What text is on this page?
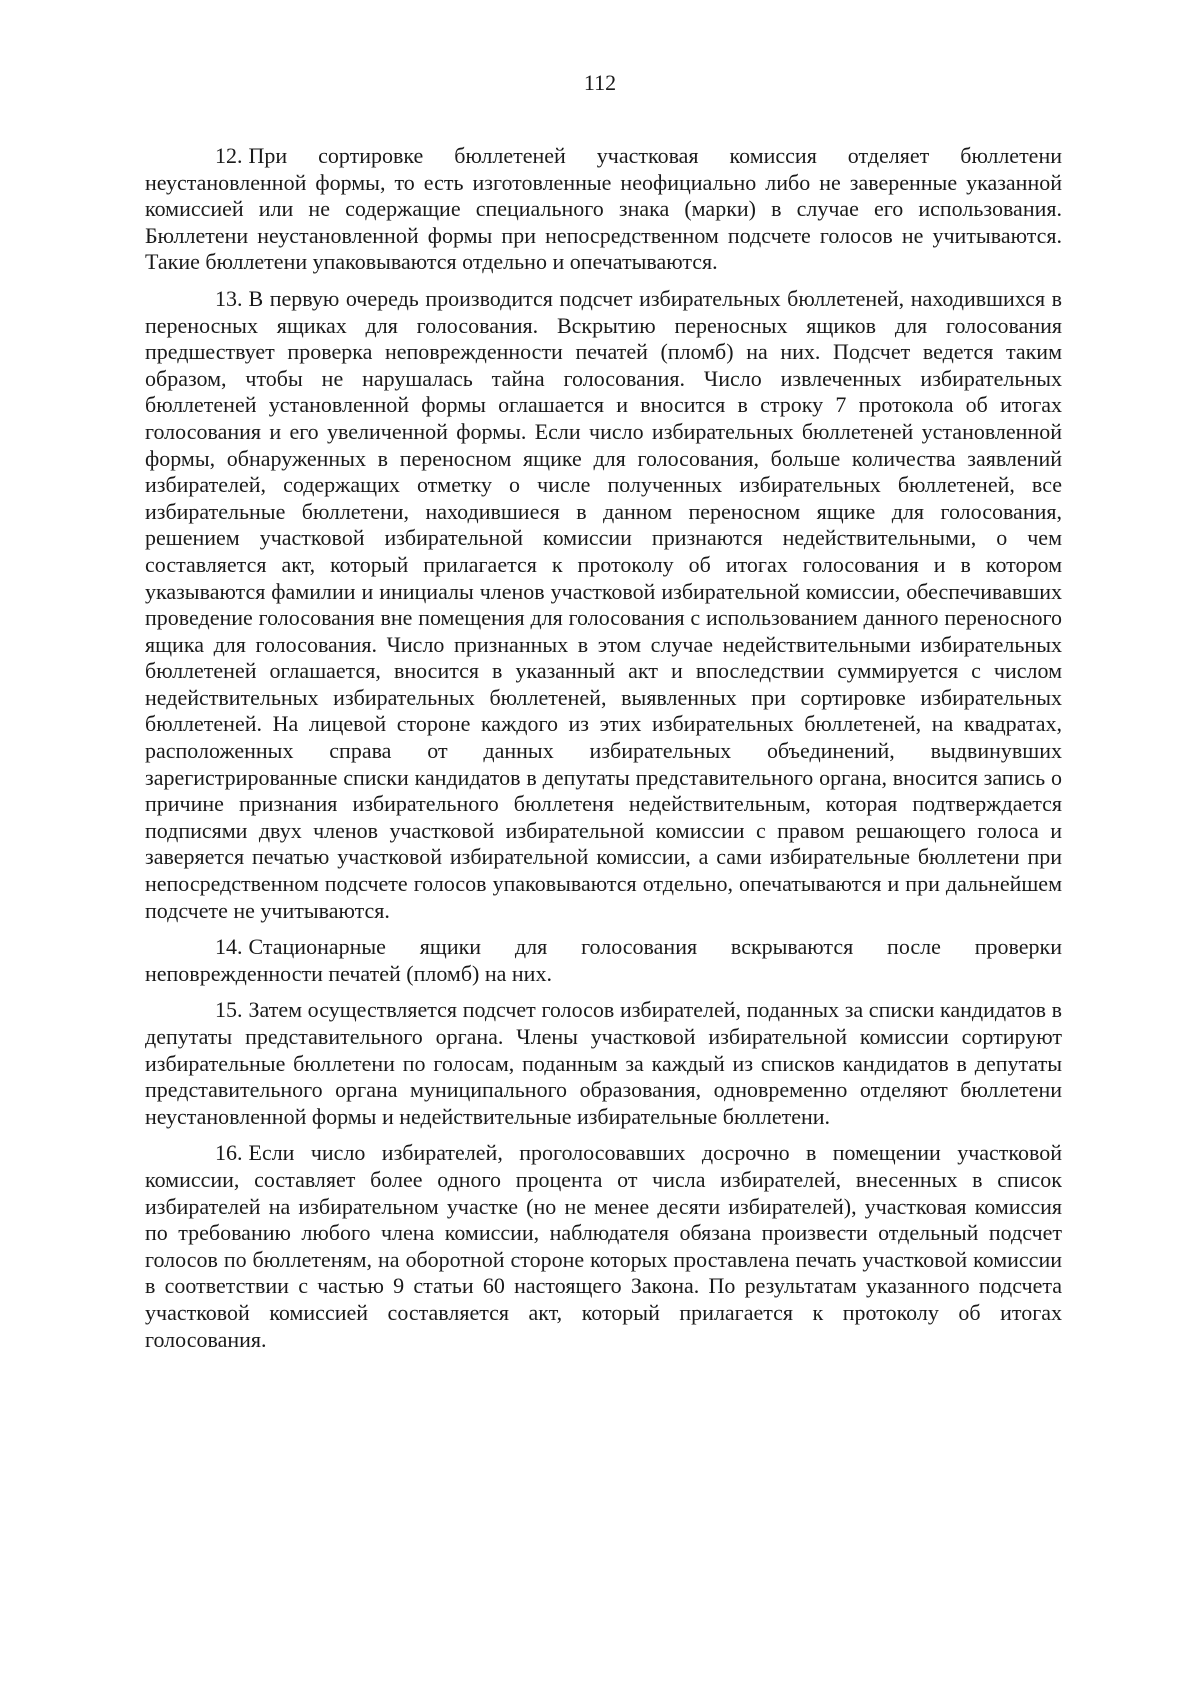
112

12. При сортировке бюллетеней участковая комиссия отделяет бюллетени неустановленной формы, то есть изготовленные неофициально либо не заверенные указанной комиссией или не содержащие специального знака (марки) в случае его использования. Бюллетени неустановленной формы при непосредственном подсчете голосов не учитываются. Такие бюллетени упаковываются отдельно и опечатываются.

13. В первую очередь производится подсчет избирательных бюллетеней, находившихся в переносных ящиках для голосования. Вскрытию переносных ящиков для голосования предшествует проверка неповрежденности печатей (пломб) на них. Подсчет ведется таким образом, чтобы не нарушалась тайна голосования. Число извлеченных избирательных бюллетеней установленной формы оглашается и вносится в строку 7 протокола об итогах голосования и его увеличенной формы. Если число избирательных бюллетеней установленной формы, обнаруженных в переносном ящике для голосования, больше количества заявлений избирателей, содержащих отметку о числе полученных избирательных бюллетеней, все избирательные бюллетени, находившиеся в данном переносном ящике для голосования, решением участковой избирательной комиссии признаются недействительными, о чем составляется акт, который прилагается к протоколу об итогах голосования и в котором указываются фамилии и инициалы членов участковой избирательной комиссии, обеспечивавших проведение голосования вне помещения для голосования с использованием данного переносного ящика для голосования. Число признанных в этом случае недействительными избирательных бюллетеней оглашается, вносится в указанный акт и впоследствии суммируется с числом недействительных избирательных бюллетеней, выявленных при сортировке избирательных бюллетеней. На лицевой стороне каждого из этих избирательных бюллетеней, на квадратах, расположенных справа от данных избирательных объединений, выдвинувших зарегистрированные списки кандидатов в депутаты представительного органа, вносится запись о причине признания избирательного бюллетеня недействительным, которая подтверждается подписями двух членов участковой избирательной комиссии с правом решающего голоса и заверяется печатью участковой избирательной комиссии, а сами избирательные бюллетени при непосредственном подсчете голосов упаковываются отдельно, опечатываются и при дальнейшем подсчете не учитываются.

14. Стационарные ящики для голосования вскрываются после проверки неповрежденности печатей (пломб) на них.

15. Затем осуществляется подсчет голосов избирателей, поданных за списки кандидатов в депутаты представительного органа. Члены участковой избирательной комиссии сортируют избирательные бюллетени по голосам, поданным за каждый из списков кандидатов в депутаты представительного органа муниципального образования, одновременно отделяют бюллетени неустановленной формы и недействительные избирательные бюллетени.

16. Если число избирателей, проголосовавших досрочно в помещении участковой комиссии, составляет более одного процента от числа избирателей, внесенных в список избирателей на избирательном участке (но не менее десяти избирателей), участковая комиссия по требованию любого члена комиссии, наблюдателя обязана произвести отдельный подсчет голосов по бюллетеням, на оборотной стороне которых проставлена печать участковой комиссии в соответствии с частью 9 статьи 60 настоящего Закона. По результатам указанного подсчета участковой комиссией составляется акт, который прилагается к протоколу об итогах голосования.
